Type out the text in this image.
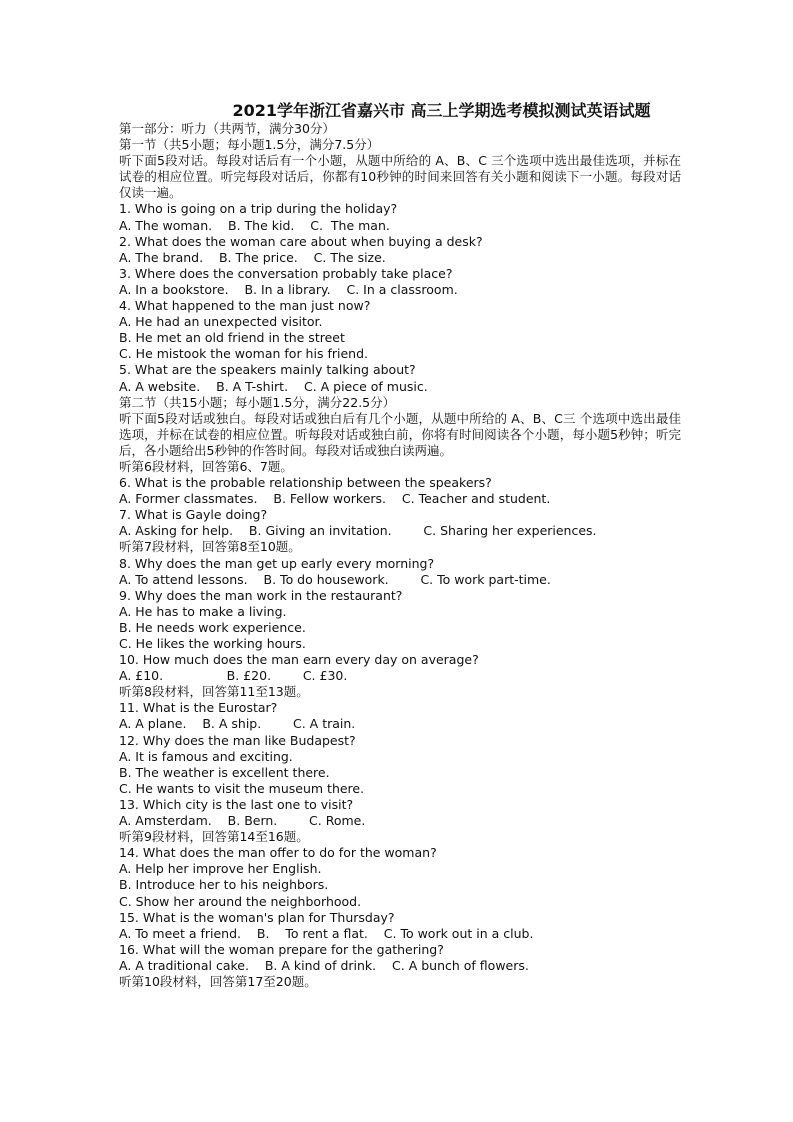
2021学年浙江省嘉兴市 高三上学期选考模拟测试英语试题
第一部分：听力（共两节，满分30分）
第一节（共5小题；每小题1.5分，满分7.5分）
听下面5段对话。每段对话后有一个小题，从题中所给的 A、B、C 三个选项中选出最佳选项，并标在试卷的相应位置。听完每段对话后，你都有10秒钟的时间来回答有关小题和阅读下一小题。每段对话仅读一遍。
1. Who is going on a trip during the holiday?
A. The woman.    B. The kid.    C.  The man.
2. What does the woman care about when buying a desk?
A. The brand.    B. The price.    C. The size.
3. Where does the conversation probably take place?
A. In a bookstore.    B. In a library.    C. In a classroom.
4. What happened to the man just now?
A. He had an unexpected visitor.
B. He met an old friend in the street
C. He mistook the woman for his friend.
5. What are the speakers mainly talking about?
A. A website.    B. A T-shirt.    C. A piece of music.
第二节（共15小题；每小题1.5分，满分22.5分）
听下面5段对话或独白。每段对话或独白后有几个小题，从题中所给的 A、B、C三 个选项中选出最佳选项，并标在试卷的相应位置。听每段对话或独白前，你将有时间阅读各个小题，每小题5秒钟；听完后，各小题给出5秒钟的作答时间。每段对话或独白读两遍。
听第6段材料，回答第6、7题。
6. What is the probable relationship between the speakers?
A. Former classmates.    B. Fellow workers.    C. Teacher and student.
7. What is Gayle doing?
A. Asking for help.    B. Giving an invitation.        C. Sharing her experiences.
听第7段材料，回答第8至10题。
8. Why does the man get up early every morning?
A. To attend lessons.    B. To do housework.        C. To work part-time.
9. Why does the man work in the restaurant?
A. He has to make a living.
B. He needs work experience.
C. He likes the working hours.
10. How much does the man earn every day on average?
A. £10.                B. £20.        C. £30.
听第8段材料，回答第11至13题。
11. What is the Eurostar?
A. A plane.    B. A ship.        C. A train.
12. Why does the man like Budapest?
A. It is famous and exciting.
B. The weather is excellent there.
C. He wants to visit the museum there.
13. Which city is the last one to visit?
A. Amsterdam.    B. Bern.        C. Rome.
听第9段材料，回答第14至16题。
14. What does the man offer to do for the woman?
A. Help her improve her English.
B. Introduce her to his neighbors.
C. Show her around the neighborhood.
15. What is the woman's plan for Thursday?
A. To meet a friend.    B.    To rent a flat.    C. To work out in a club.
16. What will the woman prepare for the gathering?
A. A traditional cake.    B. A kind of drink.    C. A bunch of flowers.
听第10段材料，回答第17至20题。
